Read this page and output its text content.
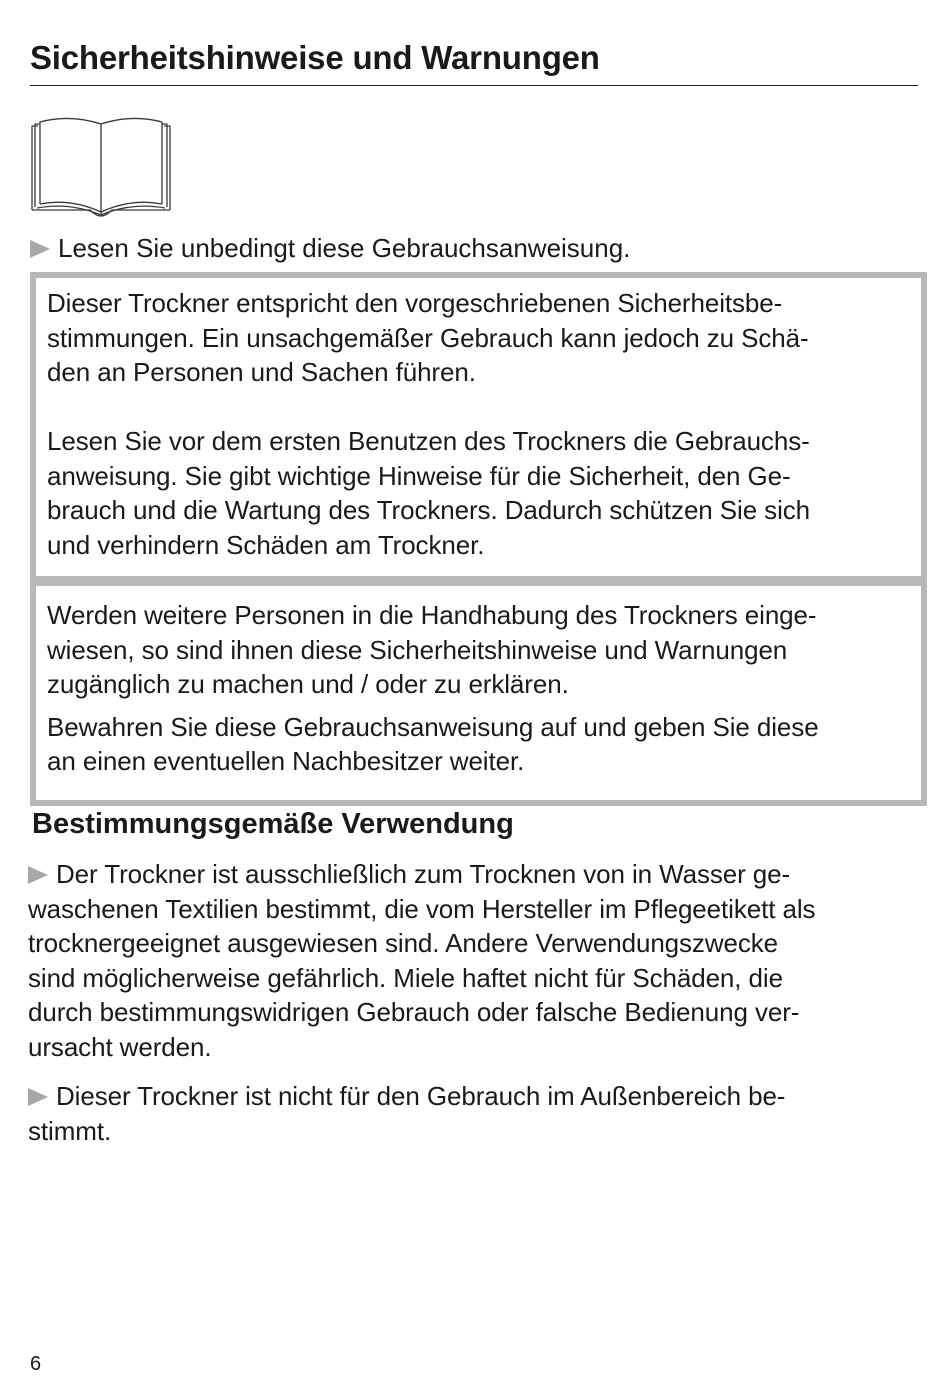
Sicherheitshinweise und Warnungen
Lesen Sie unbedingt diese Gebrauchsanweisung.

Dieser Trockner entspricht den vorgeschriebenen Sicherheitsbe-
stimmungen. Ein unsachgemäßer Gebrauch kann jedoch zu Schä-
den an Personen und Sachen führen.

Lesen Sie vor dem ersten Benutzen des Trockners die Gebrauchs-
anweisung. Sie gibt wichtige Hinweise für die Sicherheit, den Ge-
brauch und die Wartung des Trockners. Dadurch schützen Sie sich
und verhindern Schäden am Trockner.

Werden weitere Personen in die Handhabung des Trockners einge-
wiesen, so sind ihnen diese Sicherheitshinweise und Warnungen
zugänglich zu machen und / oder zu erklären.

Bewahren Sie diese Gebrauchsanweisung auf und geben Sie diese
an einen eventuellen Nachbesitzer weiter.

Bestimmungsgemäße Verwendung

Der Trockner ist ausschließlich zum Trocknen von in Wasser ge-
waschenen Textilien bestimmt, die vom Hersteller im Pflegeetikett als
trocknergeeignet ausgewiesen sind. Andere Verwendungszwecke
sind möglicherweise gefährlich. Miele haftet nicht für Schäden, die
durch bestimmungswidrigen Gebrauch oder falsche Bedienung ver-
ursacht werden.

Dieser Trockner ist nicht für den Gebrauch im Außenbereich be-
stimmt.

6
